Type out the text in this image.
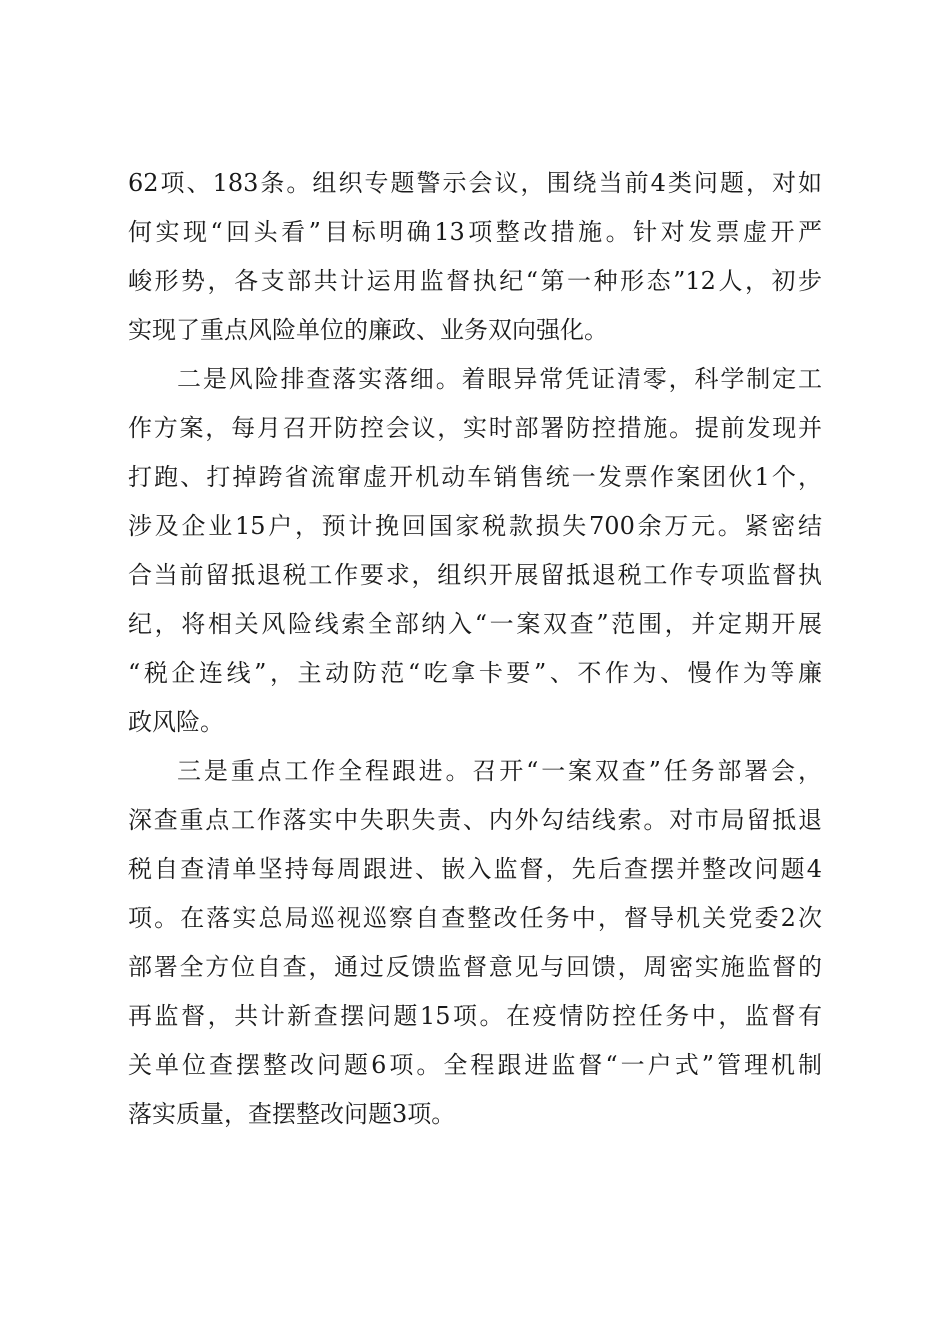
62项、183条。组织专题警示会议，围绕当前4类问题，对如
何实现“回头看”目标明确13项整改措施。针对发票虚开严
峻形势，各支部共计运用监督执纪“第一种形态”12人，初步
实现了重点风险单位的廉政、业务双向强化。
二是风险排查落实落细。着眼异常凭证清零，科学制定工
作方案，每月召开防控会议，实时部署防控措施。提前发现并
打跑、打掉跨省流窜虚开机动车销售统一发票作案团伙1个，
涉及企业15户，预计挽回国家税款损失700余万元。紧密结
合当前留抵退税工作要求，组织开展留抵退税工作专项监督执
纪，将相关风险线索全部纳入“一案双查”范围，并定期开展
“税企连线”，主动防范“吃拿卡要”、不作为、慢作为等廉
政风险。
三是重点工作全程跟进。召开“一案双查”任务部署会，
深查重点工作落实中失职失责、内外勾结线索。对市局留抵退
税自查清单坚持每周跟进、嵌入监督，先后查摆并整改问题4
项。在落实总局巡视巡察自查整改任务中，督导机关党委2次
部署全方位自查，通过反馈监督意见与回馈，周密实施监督的
再监督，共计新查摆问题15项。在疫情防控任务中，监督有
关单位查摆整改问题6项。全程跟进监督“一户式”管理机制
落实质量，查摆整改问题3项。
